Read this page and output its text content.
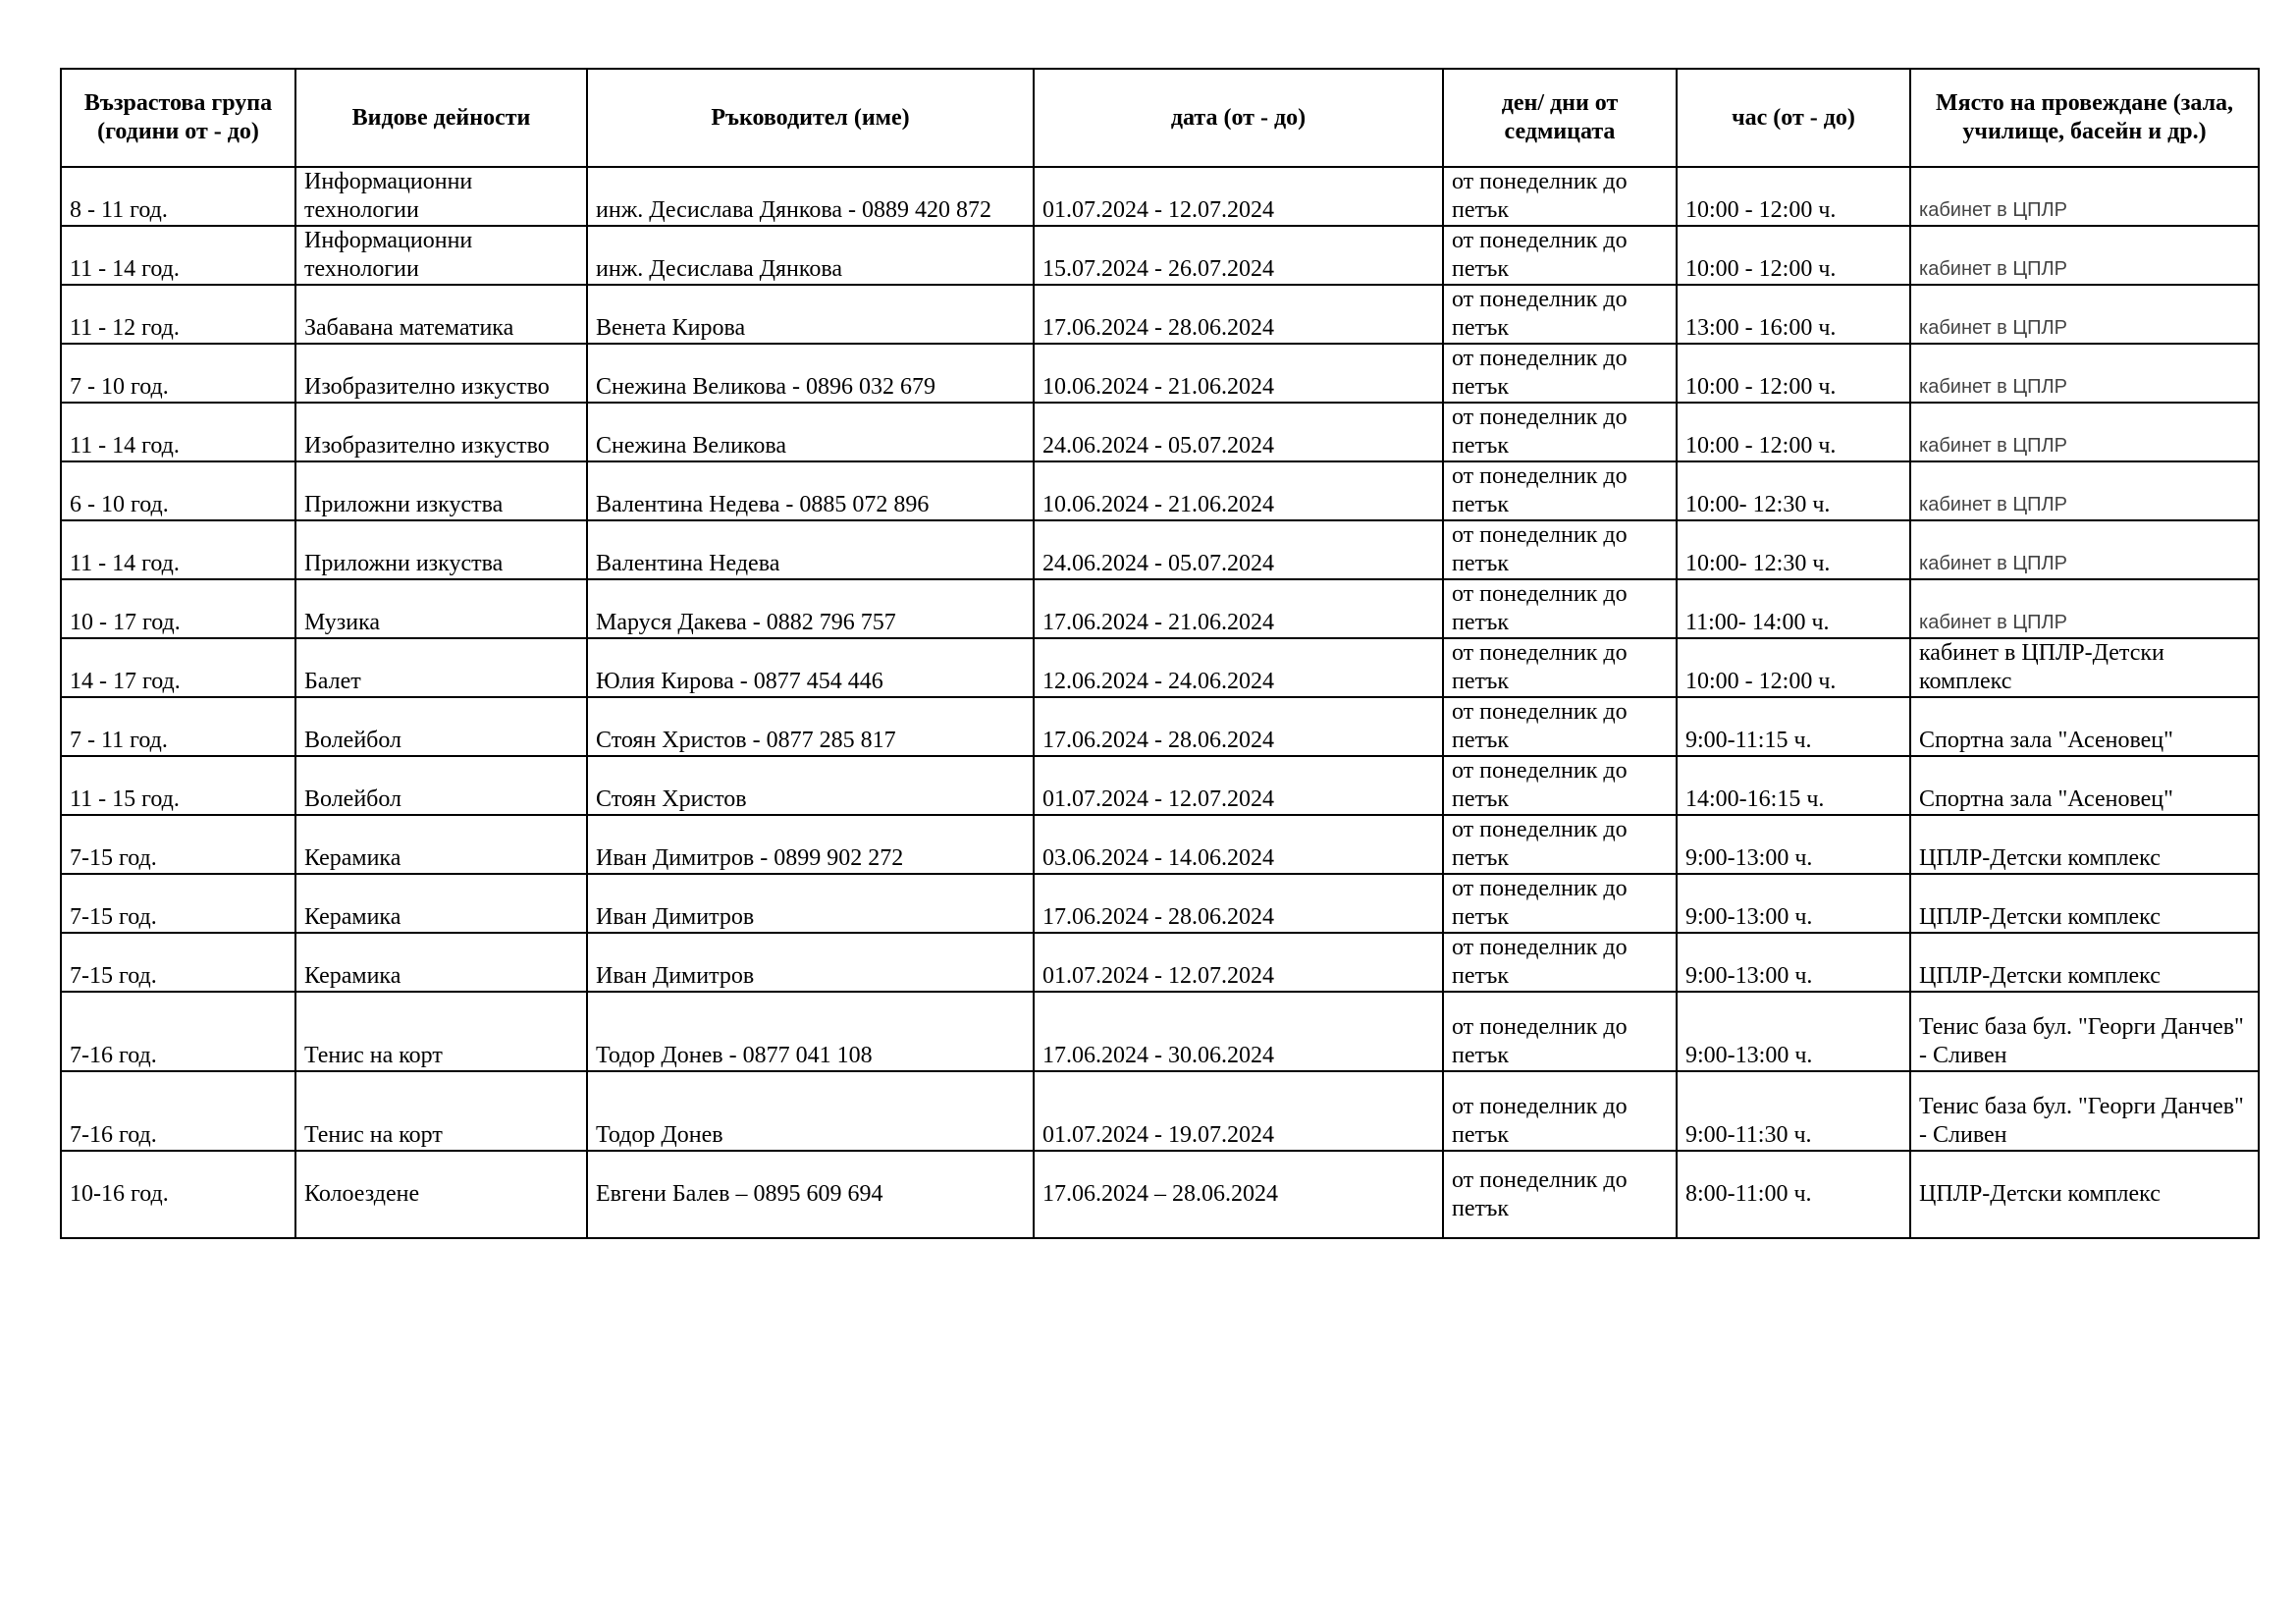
Възрастова група (години от - до)	Видове дейности	Ръководител (име)	дата (от - до)	ден/ дни от седмицата	час (от - до)	Място на провеждане (зала, училище, басейн и др.)
8 - 11 год.	Информационни технологии	инж. Десислава Дянкова - 0889 420 872	01.07.2024 - 12.07.2024	от понеделник до петък	10:00 - 12:00 ч.	кабинет в ЦПЛР
11 - 14 год.	Информационни технологии	инж. Десислава Дянкова	15.07.2024 - 26.07.2024	от понеделник до петък	10:00 - 12:00 ч.	кабинет в ЦПЛР
11 - 12 год.	Забавана математика	Венета Кирова	17.06.2024 - 28.06.2024	от понеделник до петък	13:00 - 16:00 ч.	кабинет в ЦПЛР
7 - 10 год.	Изобразително изкуство	Снежина Великова - 0896 032 679	10.06.2024 - 21.06.2024	от понеделник до петък	10:00 - 12:00 ч.	кабинет в ЦПЛР
11 - 14 год.	Изобразително изкуство	Снежина Великова	24.06.2024 - 05.07.2024	от понеделник до петък	10:00 - 12:00 ч.	кабинет в ЦПЛР
6 - 10 год.	Приложни изкуства	Валентина Недева - 0885 072 896	10.06.2024 - 21.06.2024	от понеделник до петък	10:00- 12:30 ч.	кабинет в ЦПЛР
11 - 14 год.	Приложни изкуства	Валентина Недева	24.06.2024 - 05.07.2024	от понеделник до петък	10:00- 12:30 ч.	кабинет в ЦПЛР
10 - 17 год.	Музика	Маруся Дакева - 0882 796 757	17.06.2024 - 21.06.2024	от понеделник до петък	11:00- 14:00 ч.	кабинет в ЦПЛР
14 - 17 год.	Балет	Юлия Кирова - 0877 454 446	12.06.2024 - 24.06.2024	от понеделник до петък	10:00 - 12:00 ч.	кабинет в ЦПЛР-Детски комплекс
7 - 11 год.	Волейбол	Стоян Христов - 0877 285 817	17.06.2024 - 28.06.2024	от понеделник до петък	9:00-11:15 ч.	Спортна зала "Асеновец"
11 - 15 год.	Волейбол	Стоян Христов	01.07.2024 - 12.07.2024	от понеделник до петък	14:00-16:15 ч.	Спортна зала "Асеновец"
7-15 год.	Керамика	Иван Димитров - 0899 902 272	03.06.2024 - 14.06.2024	от понеделник до петък	9:00-13:00 ч.	ЦПЛР-Детски комплекс
7-15 год.	Керамика	Иван Димитров	17.06.2024 - 28.06.2024	от понеделник до петък	9:00-13:00 ч.	ЦПЛР-Детски комплекс
7-15 год.	Керамика	Иван Димитров	01.07.2024 - 12.07.2024	от понеделник до петък	9:00-13:00 ч.	ЦПЛР-Детски комплекс
7-16 год.	Тенис на корт	Тодор Донев - 0877 041 108	17.06.2024 - 30.06.2024	от понеделник до петък	9:00-13:00 ч.	Тенис база бул. "Георги Данчев" - Сливен
7-16 год.	Тенис на корт	Тодор Донев	01.07.2024 - 19.07.2024	от понеделник до петък	9:00-11:30 ч.	Тенис база бул. "Георги Данчев" - Сливен
10-16 год.	Колоездене	Евгени Балев – 0895 609 694	17.06.2024 – 28.06.2024	от понеделник до петък	8:00-11:00 ч.	ЦПЛР-Детски комплекс
